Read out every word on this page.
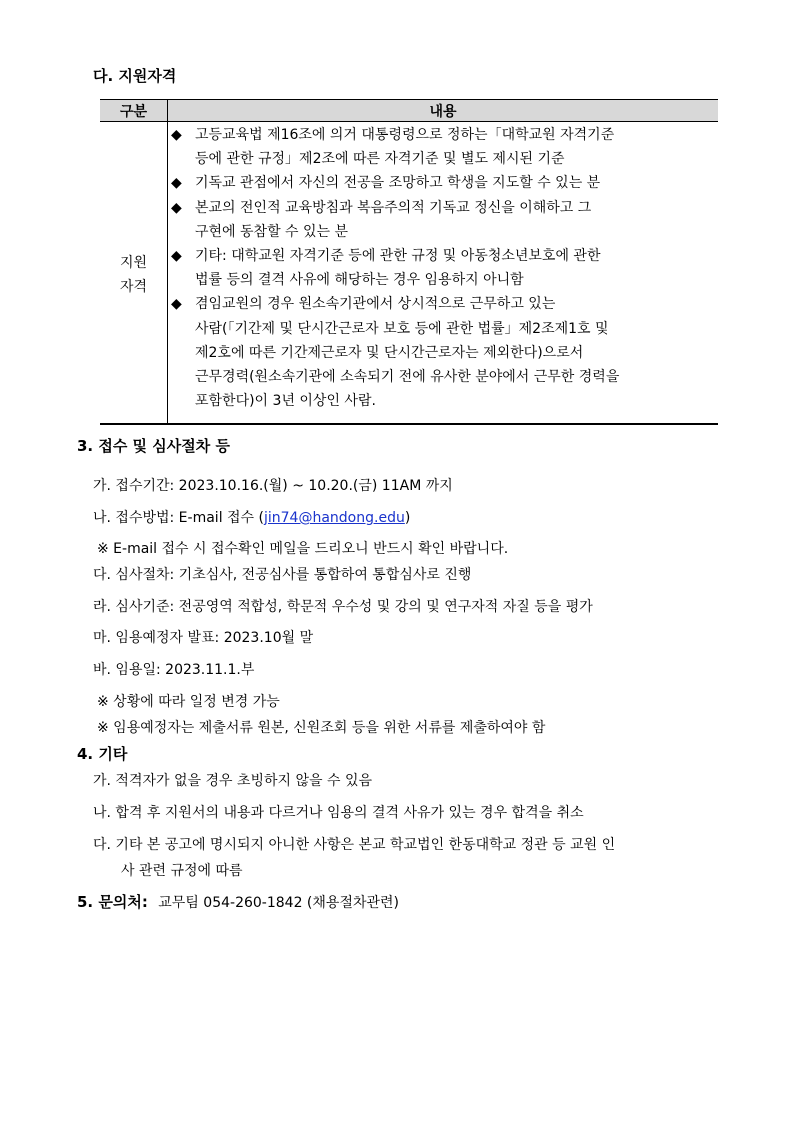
다. 지원자격
구분	내용
지원
자격
◆ 고등교육법 제16조에 의거 대통령령으로 정하는「대학교원 자격기준
등에 관한 규정」제2조에 따른 자격기준 및 별도 제시된 기준
◆ 기독교 관점에서 자신의 전공을 조망하고 학생을 지도할 수 있는 분
◆ 본교의 전인적 교육방침과 복음주의적 기독교 정신을 이해하고 그
구현에 동참할 수 있는 분
◆ 기타: 대학교원 자격기준 등에 관한 규정 및 아동청소년보호에 관한
법률 등의 결격 사유에 해당하는 경우 임용하지 아니함
◆ 겸임교원의 경우 원소속기관에서 상시적으로 근무하고 있는
사람(「기간제 및 단시간근로자 보호 등에 관한 법률」제2조제1호 및
제2호에 따른 기간제근로자 및 단시간근로자는 제외한다)으로서
근무경력(원소속기관에 소속되기 전에 유사한 분야에서 근무한 경력을
포함한다)이 3년 이상인 사람.
3. 접수 및 심사절차 등
가. 접수기간: 2023.10.16.(월) ~ 10.20.(금) 11AM 까지
나. 접수방법: E-mail 접수 (jin74@handong.edu)
※ E-mail 접수 시 접수확인 메일을 드리오니 반드시 확인 바랍니다.
다. 심사절차: 기초심사, 전공심사를 통합하여 통합심사로 진행
라. 심사기준: 전공영역 적합성, 학문적 우수성 및 강의 및 연구자적 자질 등을 평가
마. 임용예정자 발표: 2023.10월 말
바. 임용일: 2023.11.1.부
※ 상황에 따라 일정 변경 가능
※ 임용예정자는 제출서류 원본, 신원조회 등을 위한 서류를 제출하여야 함
4. 기타
가. 적격자가 없을 경우 초빙하지 않을 수 있음
나. 합격 후 지원서의 내용과 다르거나 임용의 결격 사유가 있는 경우 합격을 취소
다. 기타 본 공고에 명시되지 아니한 사항은 본교 학교법인 한동대학교 정관 등 교원 인
사 관련 규정에 따름
5. 문의처: 교무팀 054-260-1842 (채용절차관련)
